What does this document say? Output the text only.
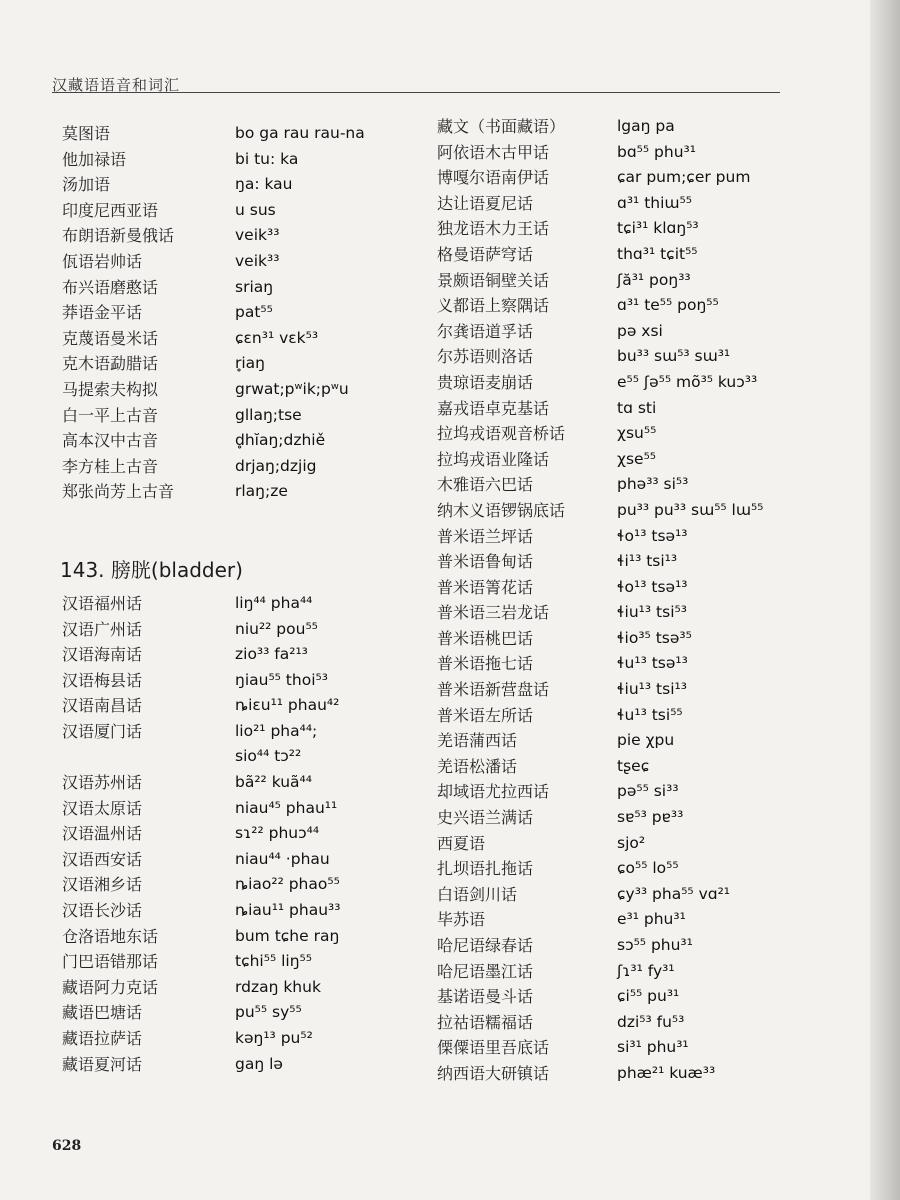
汉藏语语音和词汇
莫图语	bo ga rau rau-na
他加禄语	bi tu: ka
汤加语	ŋa: kau
印度尼西亚语	u sus
布朗语新曼俄话	veik³³
佤语岩帅话	veik³³
布兴语磨憨话	sriaŋ
莽语金平话	pat⁵⁵
克蔑语曼米话	ɕɛn³¹ vɛk⁵³
克木语勐腊话	r̥iaŋ
马提索夫构拟	grwat;pʷik;pʷu
白一平上古音	gllaŋ;tse
高本汉中古音	d̥hĭaŋ;dzhiě
李方桂上古音	drjaŋ;dzjig
郑张尚芳上古音	rlaŋ;ze
143. 膀胱(bladder)
汉语福州话	liŋ⁴⁴ pha⁴⁴
汉语广州话	niu²² pou⁵⁵
汉语海南话	zio³³ fa²¹³
汉语梅县话	ŋiau⁵⁵ thoi⁵³
汉语南昌话	ȵiɛu¹¹ phau⁴²
汉语厦门话	lio²¹ pha⁴⁴;
sio⁴⁴ tɔ²²
汉语苏州话	bã²² kuã⁴⁴
汉语太原话	niau⁴⁵ phau¹¹
汉语温州话	sɿ²² phuɔ⁴⁴
汉语西安话	niau⁴⁴ ·phau
汉语湘乡话	ȵiao²² phao⁵⁵
汉语长沙话	ȵiau¹¹ phau³³
仓洛语地东话	bum tɕhe raŋ
门巴语错那话	tɕhi⁵⁵ liŋ⁵⁵
藏语阿力克话	rdzaŋ khuk
藏语巴塘话	pu⁵⁵ sy⁵⁵
藏语拉萨话	kəŋ¹³ pu⁵²
藏语夏河话	gaŋ lə
藏文（书面藏语）	lgaŋ pa
阿依语木古甲话	bɑ⁵⁵ phu³¹
博嘎尔语南伊话	ɕar pum;ɕer pum
达让语夏尼话	ɑ³¹ thiɯ⁵⁵
独龙语木力王话	tɕi³¹ klɑŋ⁵³
格曼语萨穹话	thɑ³¹ tɕit⁵⁵
景颇语铜壁关话	ʃă³¹ poŋ³³
义都语上察隅话	ɑ³¹ te⁵⁵ poŋ⁵⁵
尔龚语道孚话	pə xsi
尔苏语则洛话	bu³³ sɯ⁵³ sɯ³¹
贵琼语麦崩话	e⁵⁵ ʃə⁵⁵ mõ³⁵ kuɔ³³
嘉戎语卓克基话	tɑ sti
拉坞戎语观音桥话	χsu⁵⁵
拉坞戎语业隆话	χse⁵⁵
木雅语六巴话	phə³³ si⁵³
纳木义语锣锅底话	pu³³ pu³³ sɯ⁵⁵ lɯ⁵⁵
普米语兰坪话	ɬo¹³ tsə¹³
普米语鲁甸话	ɬi¹³ tsi¹³
普米语箐花话	ɬo¹³ tsə¹³
普米语三岩龙话	ɬiu¹³ tsi⁵³
普米语桃巴话	ɬio³⁵ tsə³⁵
普米语拖七话	ɬu¹³ tsə¹³
普米语新营盘话	ɬiu¹³ tsi¹³
普米语左所话	ɬu¹³ tsi⁵⁵
羌语蒲西话	pie χpu
羌语松潘话	tʂeɕ
却域语尤拉西话	pə⁵⁵ si³³
史兴语兰满话	sɐ⁵³ pɐ³³
西夏语	sjo²
扎坝语扎拖话	ɕo⁵⁵ lo⁵⁵
白语剑川话	ɕy³³ pha⁵⁵ vɑ²¹
毕苏语	e³¹ phu³¹
哈尼语绿春话	sɔ⁵⁵ phu³¹
哈尼语墨江话	ʃɿ³¹ fy³¹
基诺语曼斗话	ɕi⁵⁵ pu³¹
拉祜语糯福话	dzi⁵³ fu⁵³
傈僳语里吾底话	si³¹ phu³¹
纳西语大研镇话	phæ²¹ kuæ³³
628
